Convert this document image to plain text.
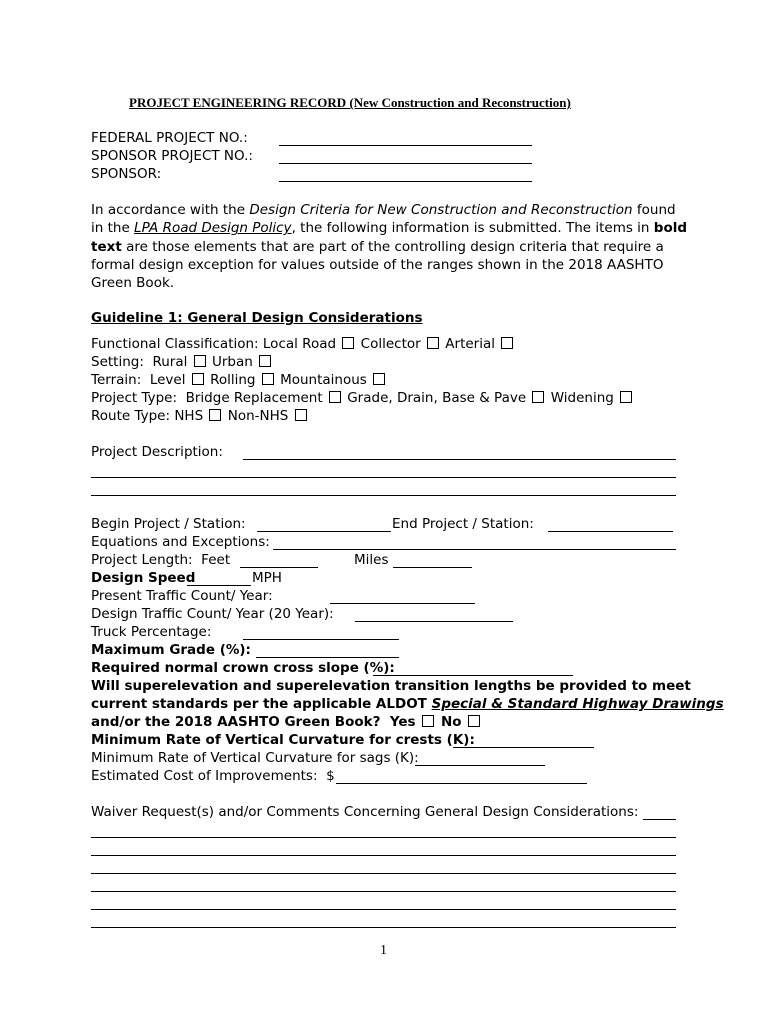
PROJECT ENGINEERING RECORD (New Construction and Reconstruction)
FEDERAL PROJECT NO.:
SPONSOR PROJECT NO.:
SPONSOR:
In accordance with the Design Criteria for New Construction and Reconstruction found in the LPA Road Design Policy, the following information is submitted. The items in bold text are those elements that are part of the controlling design criteria that require a formal design exception for values outside of the ranges shown in the 2018 AASHTO Green Book.
Guideline 1: General Design Considerations
Functional Classification: Local Road Collector Arterial
Setting:  Rural Urban
Terrain:  Level Rolling Mountainous
Project Type:  Bridge Replacement Grade, Drain, Base & Pave Widening
Route Type: NHS Non-NHS
Project Description:
Begin Project / Station:	End Project / Station:
Equations and Exceptions:
Project Length:  Feet	Miles
Design Speed	MPH
Present Traffic Count/ Year:
Design Traffic Count/ Year (20 Year):
Truck Percentage:
Maximum Grade (%):
Required normal crown cross slope (%):
Will superelevation and superelevation transition lengths be provided to meet
current standards per the applicable ALDOT Special & Standard Highway Drawings
and/or the 2018 AASHTO Green Book?  Yes No
Minimum Rate of Vertical Curvature for crests (K):
Minimum Rate of Vertical Curvature for sags (K):
Estimated Cost of Improvements:  $
Waiver Request(s) and/or Comments Concerning General Design Considerations:
1
